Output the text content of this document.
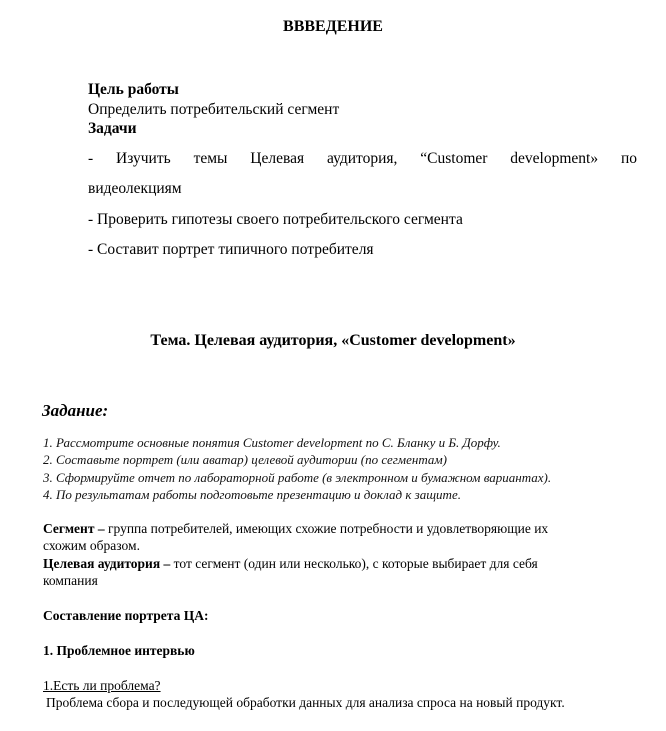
ВВВЕДЕНИЕ
Цель работы
Определить потребительский сегмент
Задачи
- Изучить темы Целевая аудитория, “Customer development» по
видеолекциям
- Проверить гипотезы своего потребительского сегмента
- Составит портрет типичного потребителя
Тема. Целевая аудитория, «Customer development»
Задание:
1. Рассмотрите основные понятия Customer development по С. Бланку и Б. Дорфу.
2. Составьте портрет (или аватар) целевой аудитории (по сегментам)
3. Сформируйте отчет по лабораторной работе (в электронном и бумажном вариантах).
4. По результатам работы подготовьте презентацию и доклад к защите.
Сегмент – группа потребителей, имеющих схожие потребности и удовлетворяющие их
схожим образом.
Целевая аудитория – тот сегмент (один или несколько), с которые выбирает для себя
компания
Составление портрета ЦА:
1. Проблемное интервью
1.Есть ли проблема?
Проблема сбора и последующей обработки данных для анализа спроса на новый продукт.
